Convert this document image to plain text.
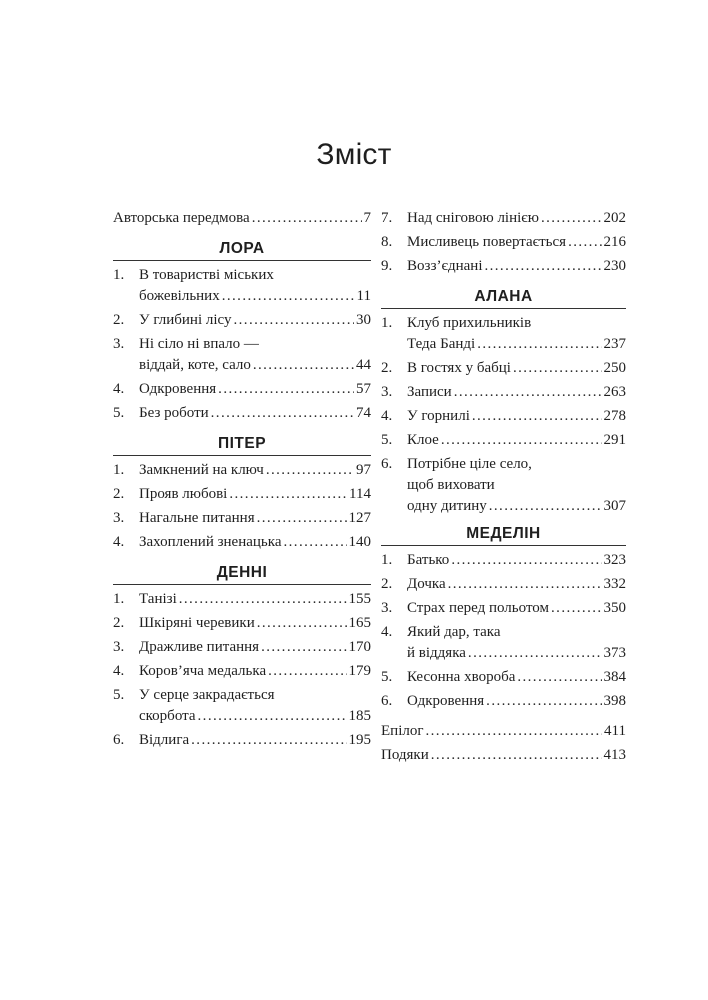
Зміст
Авторська передмова .....	7
ЛОРА
1. В товаристві міських
божевільних .....	11
2. У глибині лісу .....	30
3. Ні сіло ні впало —
віддай, коте, сало .....	44
4. Одкровення .....	57
5. Без роботи .....	74
ПІТЕР
1. Замкнений на ключ .....	97
2. Прояв любові .....	114
3. Нагальне питання .....	127
4. Захоплений зненацька .....	140
ДЕННІ
1. Танізі .....	155
2. Шкіряні черевики .....	165
3. Дражливе питання .....	170
4. Коров’яча медалька .....	179
5. У серце закрадається
скорбота .....	185
6. Відлига .....	195
7. Над сніговою лінією .....	202
8. Мисливець повертається ..... 216
9. Возз’єднані .....	230
АЛАНА
1. Клуб прихильників
Теда Банді .....	237
2. В гостях у бабці .....	250
3. Записи .....	263
4. У горнилі .....	278
5. Клое .....	291
6. Потрібне ціле село,
щоб виховати
одну дитину .....	307
МЕДЕЛІН
1. Батько .....	323
2. Дочка .....	332
3. Страх перед польотом .....	350
4. Який дар, така
й віддяка .....	373
5. Кесонна хвороба .....	384
6. Одкровення .....	398
Епілог .....	411
Подяки .....	413
